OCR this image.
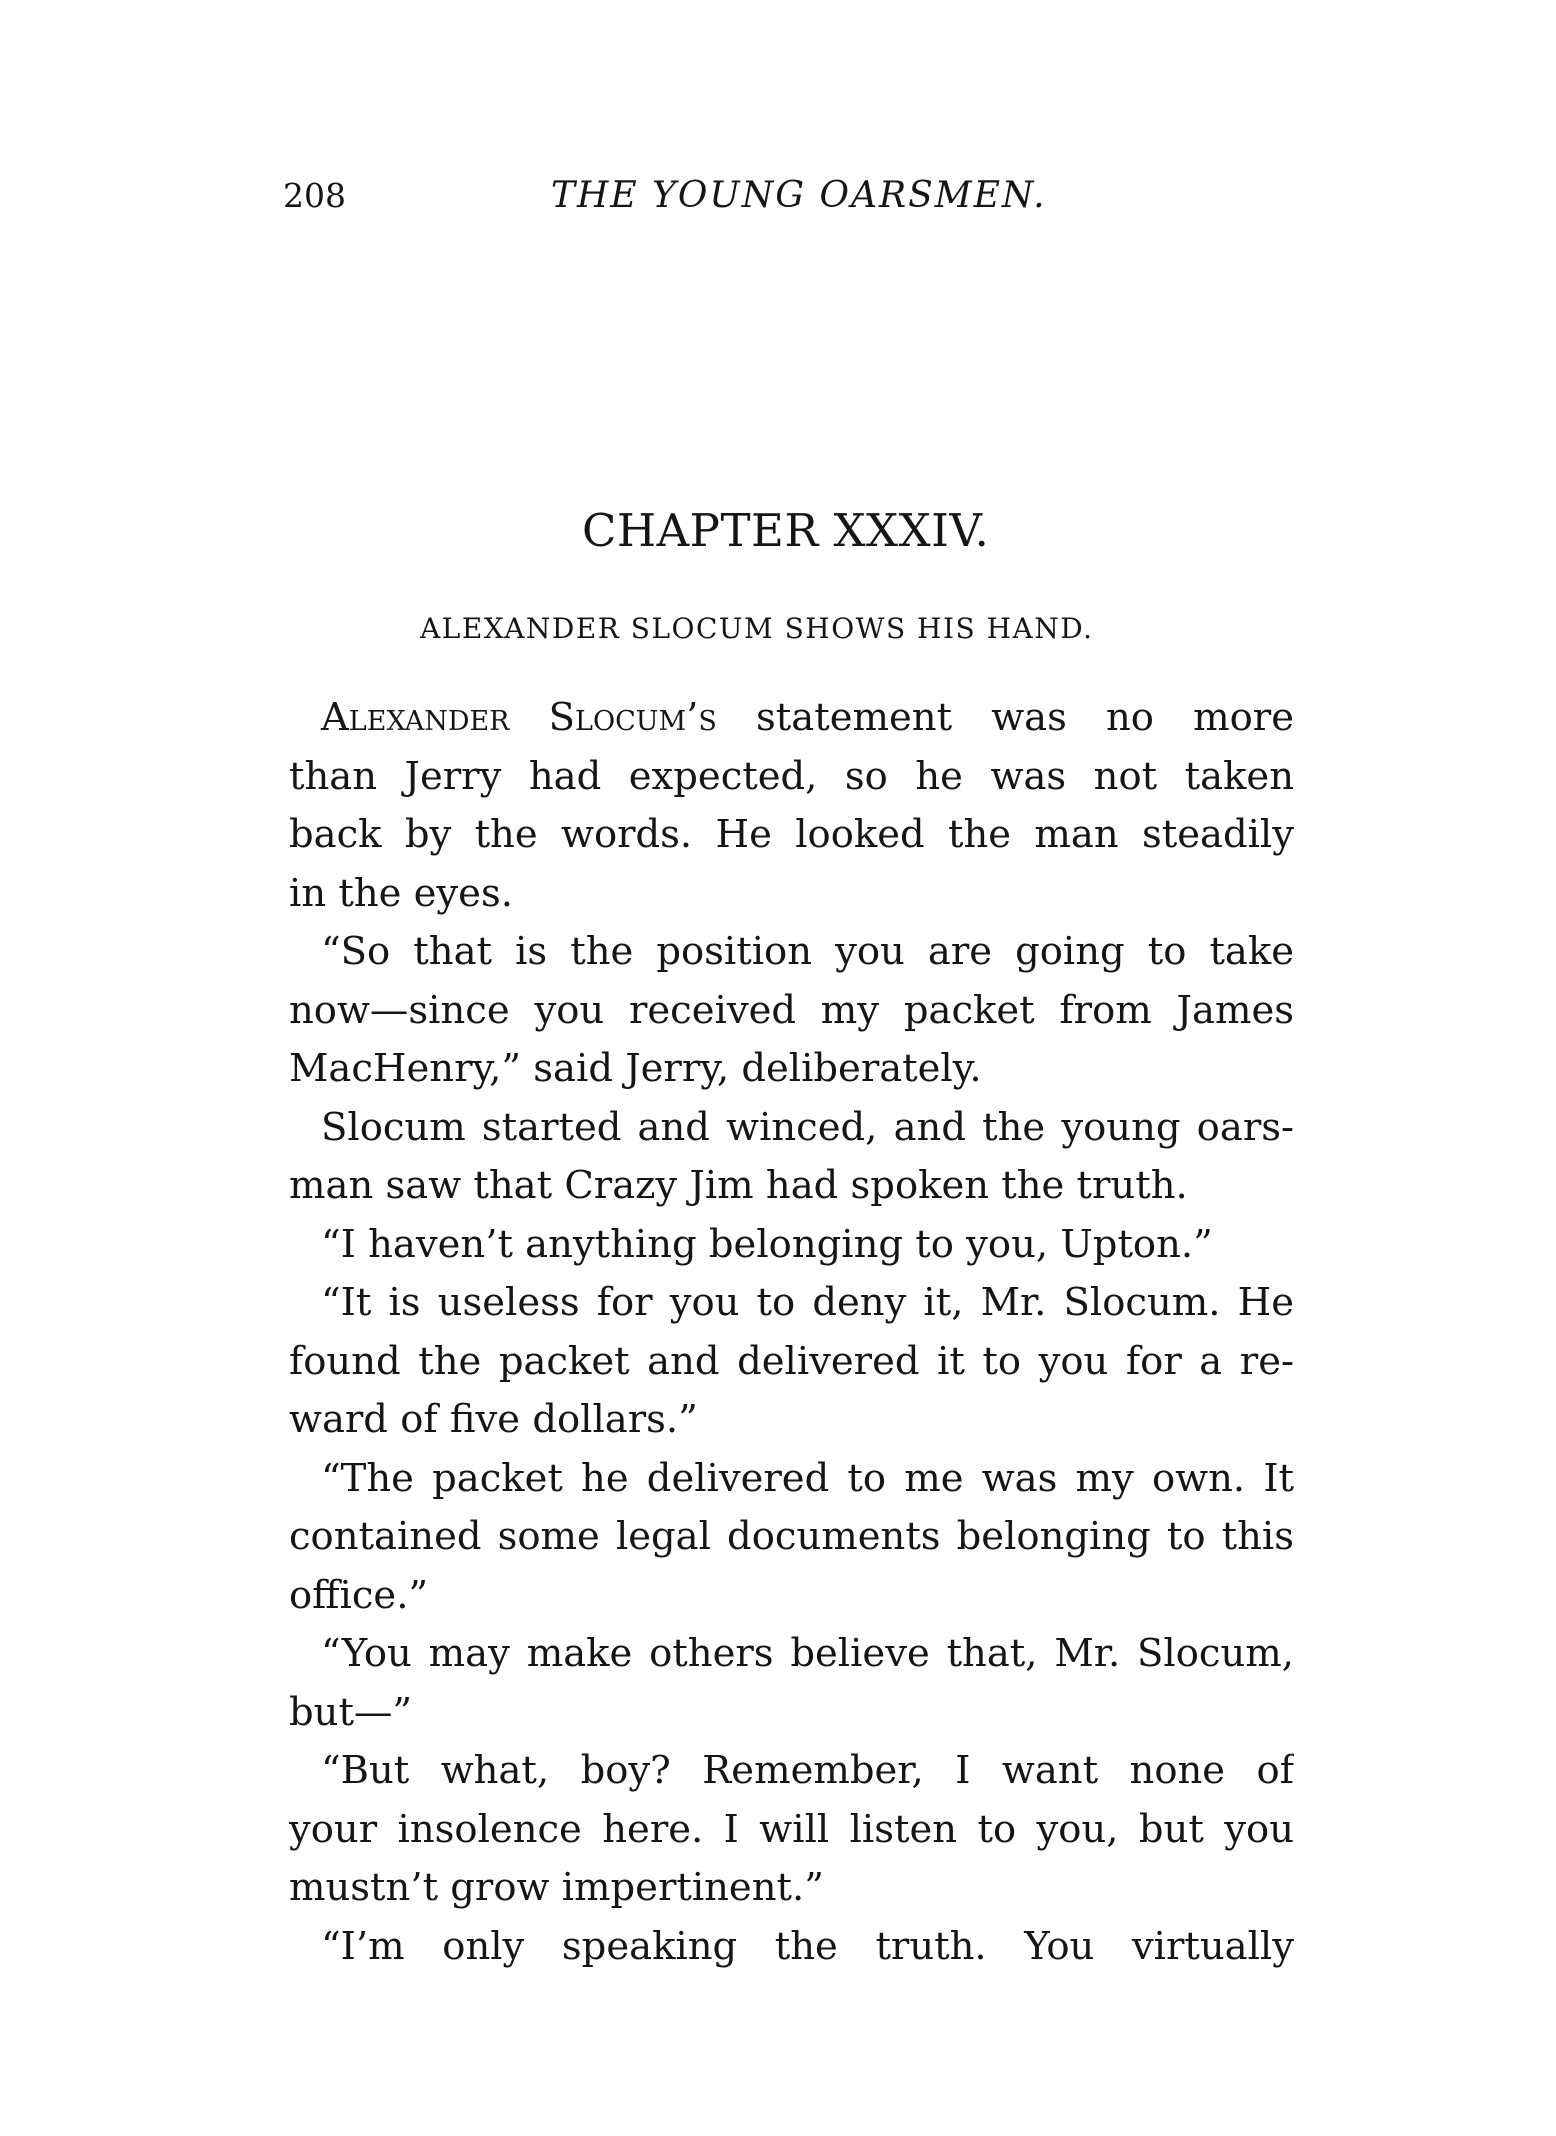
208	THE YOUNG OARSMEN.
CHAPTER XXXIV.
ALEXANDER SLOCUM SHOWS HIS HAND.
Alexander Slocum’s statement was no more
than Jerry had expected, so he was not taken
back by the words. He looked the man steadily
in the eyes.
“So that is the position you are going to take
now—since you received my packet from James
MacHenry,” said Jerry, deliberately.
Slocum started and winced, and the young oars-
man saw that Crazy Jim had spoken the truth.
“I haven’t anything belonging to you, Upton.”
“It is useless for you to deny it, Mr. Slocum. He
found the packet and delivered it to you for a re-
ward of five dollars.”
“The packet he delivered to me was my own. It
contained some legal documents belonging to this
office.”
“You may make others believe that, Mr. Slocum,
but—”
“But what, boy? Remember, I want none of
your insolence here. I will listen to you, but you
mustn’t grow impertinent.”
“I’m only speaking the truth. You virtually
